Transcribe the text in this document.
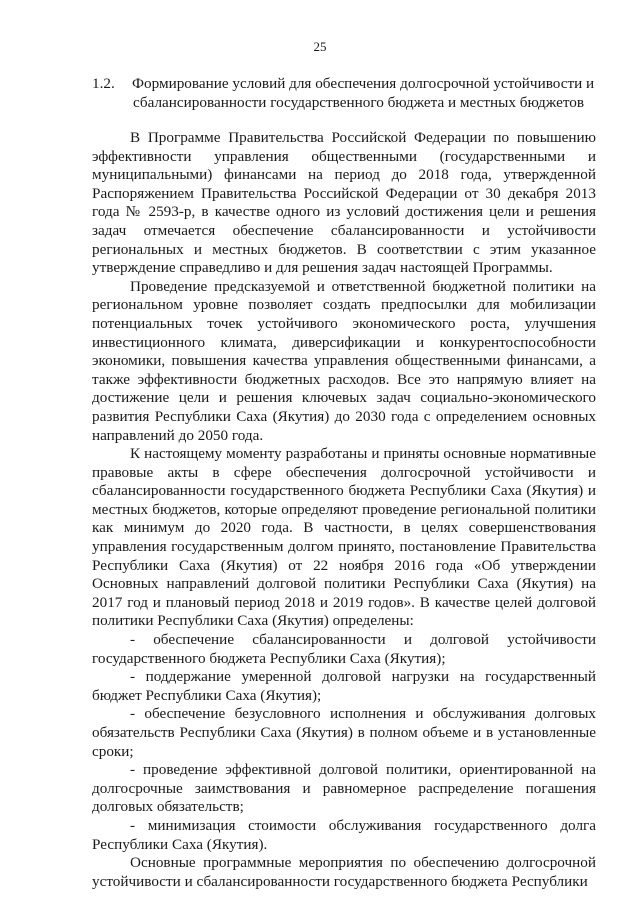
25
1.2. Формирование условий для обеспечения долгосрочной устойчивости и
сбалансированности государственного бюджета и местных бюджетов

В Программе Правительства Российской Федерации по повышению эффективности управления общественными (государственными и муниципальными) финансами на период до 2018 года, утвержденной Распоряжением Правительства Российской Федерации от 30 декабря 2013 года № 2593-р, в качестве одного из условий достижения цели и решения задач отмечается обеспечение сбалансированности и устойчивости региональных и местных бюджетов. В соответствии с этим указанное утверждение справедливо и для решения задач настоящей Программы.

Проведение предсказуемой и ответственной бюджетной политики на региональном уровне позволяет создать предпосылки для мобилизации потенциальных точек устойчивого экономического роста, улучшения инвестиционного климата, диверсификации и конкурентоспособности экономики, повышения качества управления общественными финансами, а также эффективности бюджетных расходов. Все это напрямую влияет на достижение цели и решения ключевых задач социально-экономического развития Республики Саха (Якутия) до 2030 года с определением основных направлений до 2050 года.

К настоящему моменту разработаны и приняты основные нормативные правовые акты в сфере обеспечения долгосрочной устойчивости и сбалансированности государственного бюджета Республики Саха (Якутия) и местных бюджетов, которые определяют проведение региональной политики как минимум до 2020 года. В частности, в целях совершенствования управления государственным долгом принято, постановление Правительства Республики Саха (Якутия) от 22 ноября 2016 года «Об утверждении Основных направлений долговой политики Республики Саха (Якутия) на 2017 год и плановый период 2018 и 2019 годов». В качестве целей долговой политики Республики Саха (Якутия) определены:

- обеспечение сбалансированности и долговой устойчивости государственного бюджета Республики Саха (Якутия);

- поддержание умеренной долговой нагрузки на государственный бюджет Республики Саха (Якутия);

- обеспечение безусловного исполнения и обслуживания долговых обязательств Республики Саха (Якутия) в полном объеме и в установленные сроки;

- проведение эффективной долговой политики, ориентированной на долгосрочные заимствования и равномерное распределение погашения долговых обязательств;

- минимизация стоимости обслуживания государственного долга Республики Саха (Якутия).

Основные программные мероприятия по обеспечению долгосрочной устойчивости и сбалансированности государственного бюджета Республики
